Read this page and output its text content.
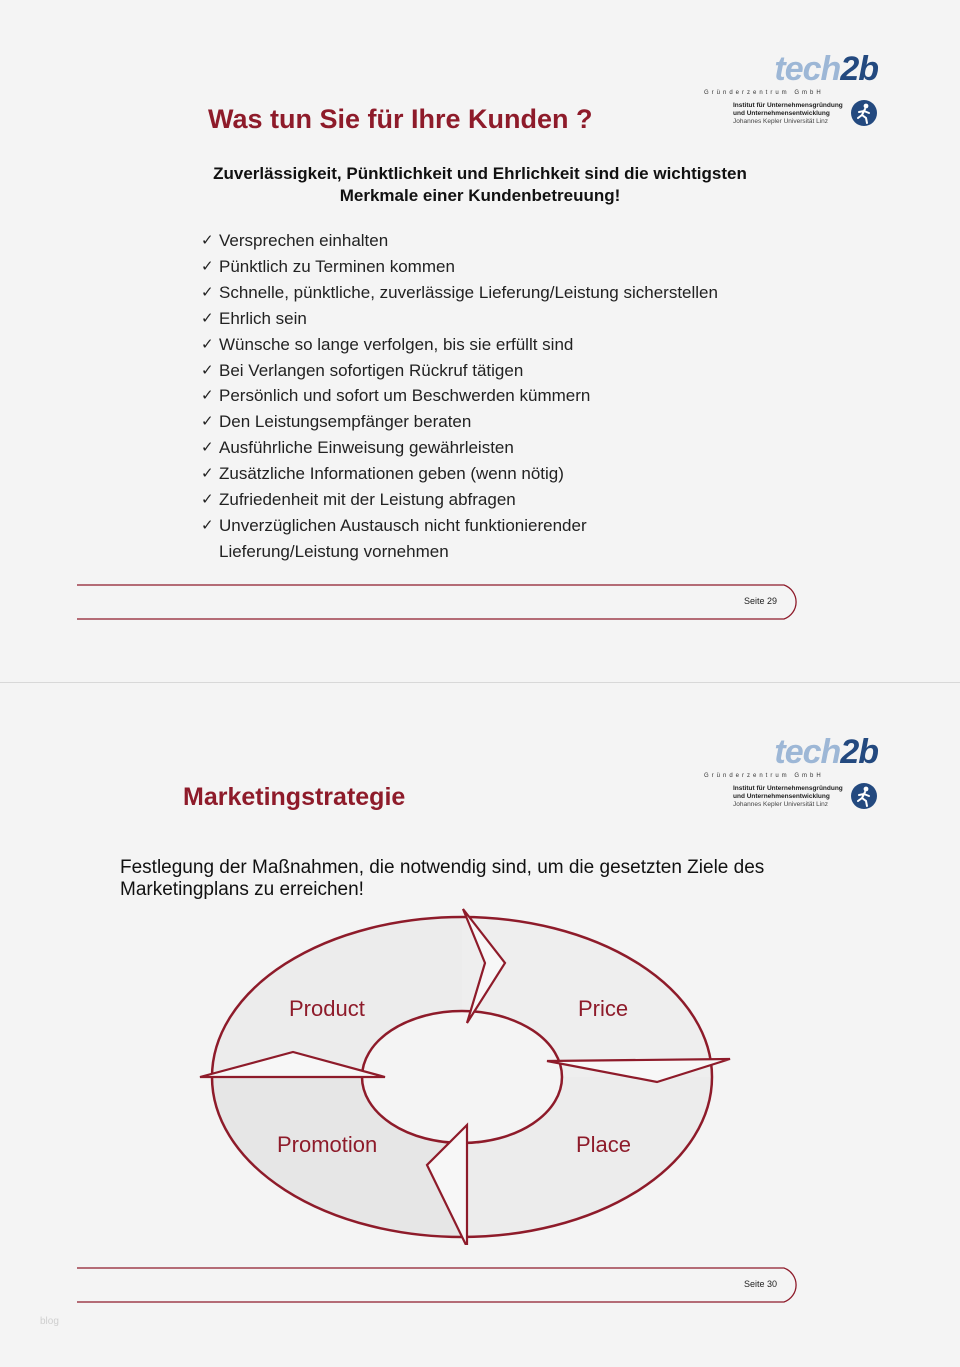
tech2b
Gründerzentrum GmbH
Institut für Unternehmensgründung
und Unternehmensentwicklung
Johannes Kepler Universität Linz
Was tun Sie für Ihre Kunden ?
Zuverlässigkeit, Pünktlichkeit und Ehrlichkeit sind die wichtigsten
Merkmale einer Kundenbetreuung!
✓ Versprechen einhalten
✓ Pünktlich zu Terminen kommen
✓ Schnelle, pünktliche, zuverlässige Lieferung/Leistung sicherstellen
✓ Ehrlich sein
✓ Wünsche so lange verfolgen, bis sie erfüllt sind
✓ Bei Verlangen sofortigen Rückruf tätigen
✓ Persönlich und sofort um Beschwerden kümmern
✓ Den Leistungsempfänger beraten
✓ Ausführliche Einweisung gewährleisten
✓ Zusätzliche Informationen geben (wenn nötig)
✓ Zufriedenheit mit der Leistung abfragen
✓ Unverzüglichen Austausch nicht funktionierender
Lieferung/Leistung vornehmen
Seite 29
tech2b
Gründerzentrum GmbH
Institut für Unternehmensgründung
und Unternehmensentwicklung
Johannes Kepler Universität Linz
Marketingstrategie
Festlegung der Maßnahmen, die notwendig sind, um die gesetzten Ziele des Marketingplans zu erreichen!
Product	Price
Promotion	Place
Seite 30
blog
